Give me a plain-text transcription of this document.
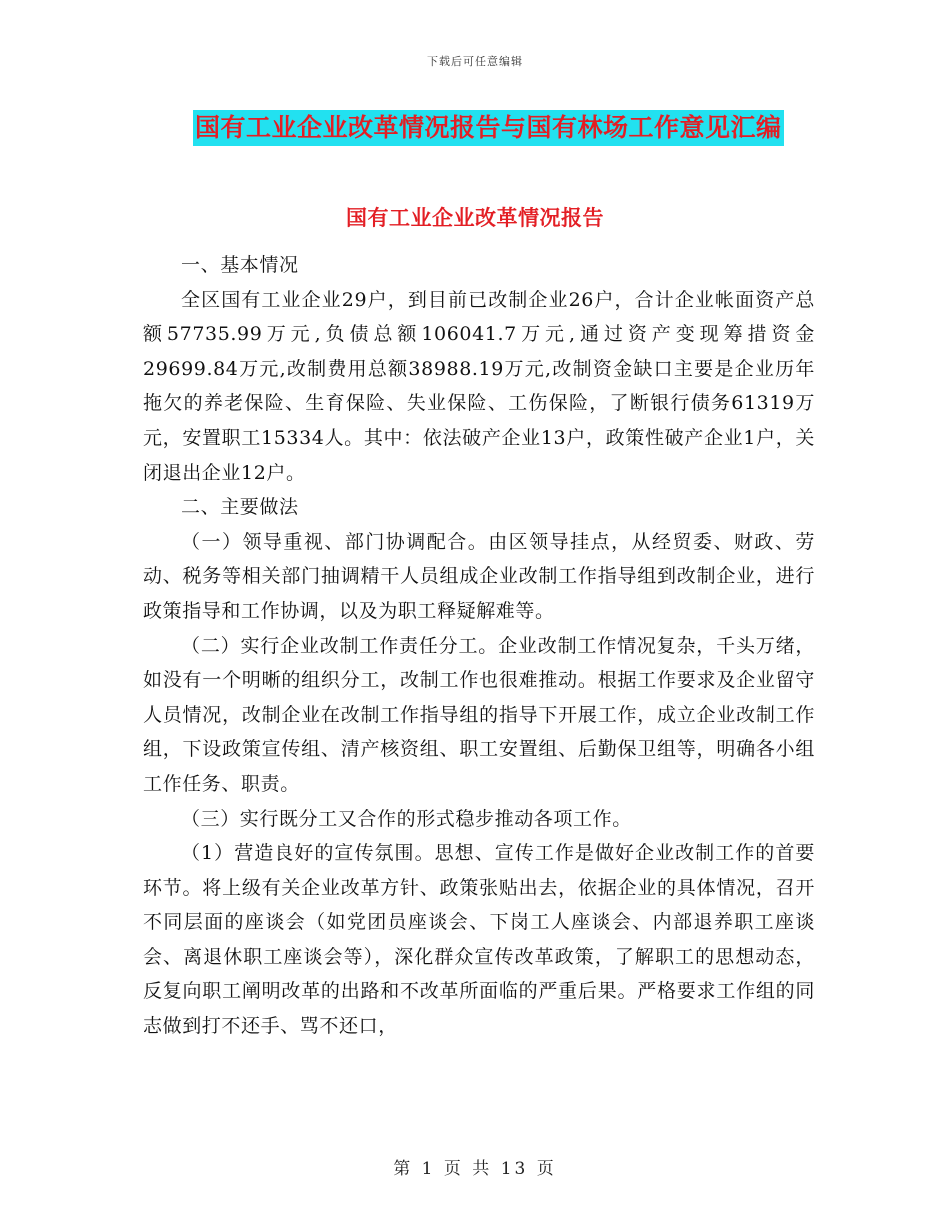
下载后可任意编辑
国有工业企业改革情况报告与国有林场工作意见汇编
国有工业企业改革情况报告

一、基本情况

全区国有工业企业29户，到目前已改制企业26户，合计企业帐面资产总额57735.99万元,负债总额106041.7万元,通过资产变现筹措资金29699.84万元,改制费用总额38988.19万元,改制资金缺口主要是企业历年拖欠的养老保险、生育保险、失业保险、工伤保险，了断银行债务61319万元，安置职工15334人。其中：依法破产企业13户，政策性破产企业1户，关闭退出企业12户。

二、主要做法

（一）领导重视、部门协调配合。由区领导挂点，从经贸委、财政、劳动、税务等相关部门抽调精干人员组成企业改制工作指导组到改制企业，进行政策指导和工作协调，以及为职工释疑解难等。

（二）实行企业改制工作责任分工。企业改制工作情况复杂，千头万绪，如没有一个明晰的组织分工，改制工作也很难推动。根据工作要求及企业留守人员情况，改制企业在改制工作指导组的指导下开展工作，成立企业改制工作组，下设政策宣传组、清产核资组、职工安置组、后勤保卫组等，明确各小组工作任务、职责。

（三）实行既分工又合作的形式稳步推动各项工作。

（1）营造良好的宣传氛围。思想、宣传工作是做好企业改制工作的首要环节。将上级有关企业改革方针、政策张贴出去，依据企业的具体情况，召开不同层面的座谈会（如党团员座谈会、下岗工人座谈会、内部退养职工座谈会、离退休职工座谈会等），深化群众宣传改革政策，了解职工的思想动态，反复向职工阐明改革的出路和不改革所面临的严重后果。严格要求工作组的同志做到打不还手、骂不还口，

第 1 页 共 13 页
